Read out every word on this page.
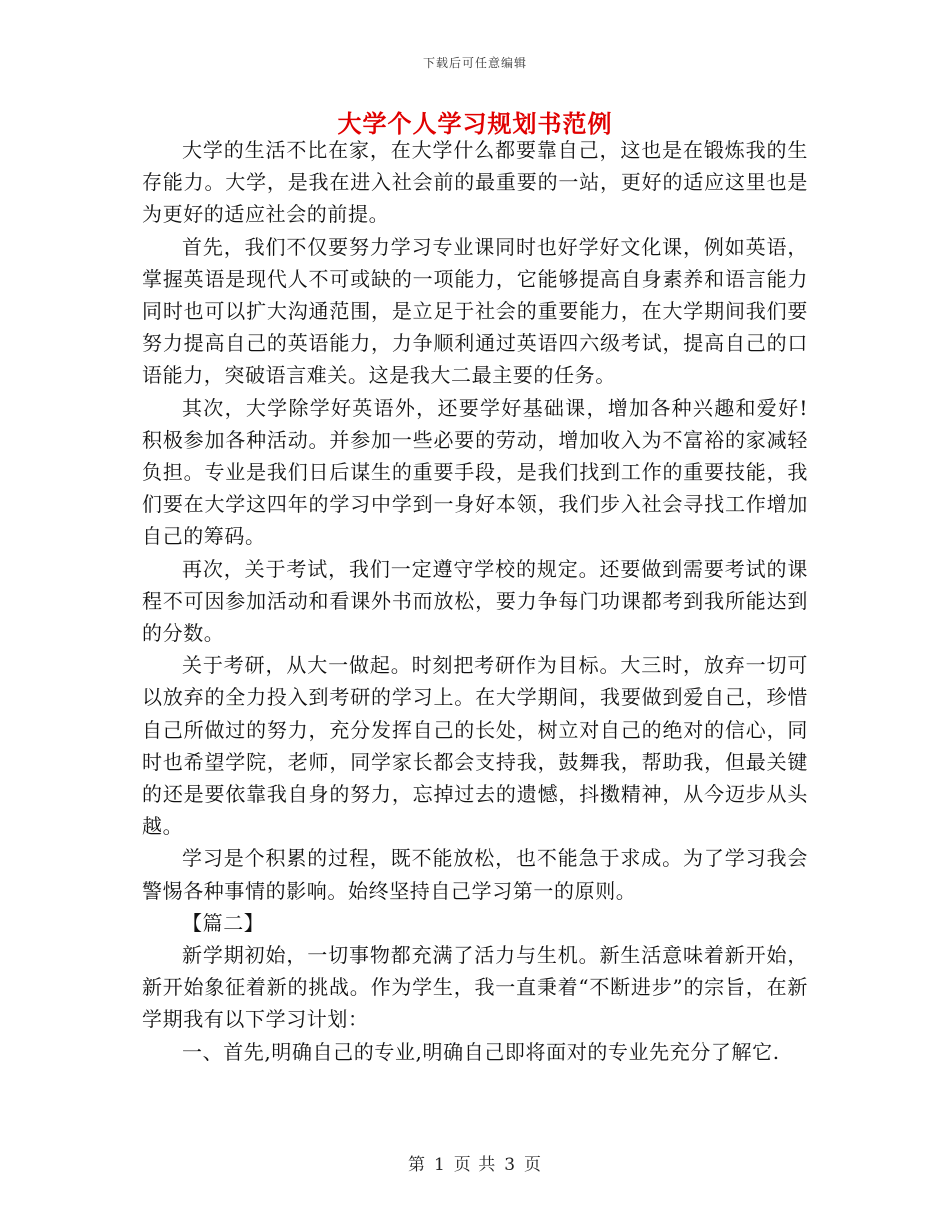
下载后可任意编辑
大学个人学习规划书范例

大学的生活不比在家，在大学什么都要靠自己，这也是在锻炼我的生存能力。大学，是我在进入社会前的最重要的一站，更好的适应这里也是为更好的适应社会的前提。

首先，我们不仅要努力学习专业课同时也好学好文化课，例如英语，掌握英语是现代人不可或缺的一项能力，它能够提高自身素养和语言能力同时也可以扩大沟通范围，是立足于社会的重要能力，在大学期间我们要努力提高自己的英语能力，力争顺利通过英语四六级考试，提高自己的口语能力，突破语言难关。这是我大二最主要的任务。

其次，大学除学好英语外，还要学好基础课，增加各种兴趣和爱好!积极参加各种活动。并参加一些必要的劳动，增加收入为不富裕的家减轻负担。专业是我们日后谋生的重要手段，是我们找到工作的重要技能，我们要在大学这四年的学习中学到一身好本领，我们步入社会寻找工作增加自己的筹码。

再次，关于考试，我们一定遵守学校的规定。还要做到需要考试的课程不可因参加活动和看课外书而放松，要力争每门功课都考到我所能达到的分数。

关于考研，从大一做起。时刻把考研作为目标。大三时，放弃一切可以放弃的全力投入到考研的学习上。在大学期间，我要做到爱自己，珍惜自己所做过的努力，充分发挥自己的长处，树立对自己的绝对的信心，同时也希望学院，老师，同学家长都会支持我，鼓舞我，帮助我，但最关键的还是要依靠我自身的努力，忘掉过去的遗憾，抖擞精神，从今迈步从头越。

学习是个积累的过程，既不能放松，也不能急于求成。为了学习我会警惕各种事情的影响。始终坚持自己学习第一的原则。

【篇二】

新学期初始，一切事物都充满了活力与生机。新生活意味着新开始，新开始象征着新的挑战。作为学生，我一直秉着“不断进步”的宗旨，在新学期我有以下学习计划：

一、首先,明确自己的专业,明确自己即将面对的专业先充分了解它.

第 1 页 共 3 页
